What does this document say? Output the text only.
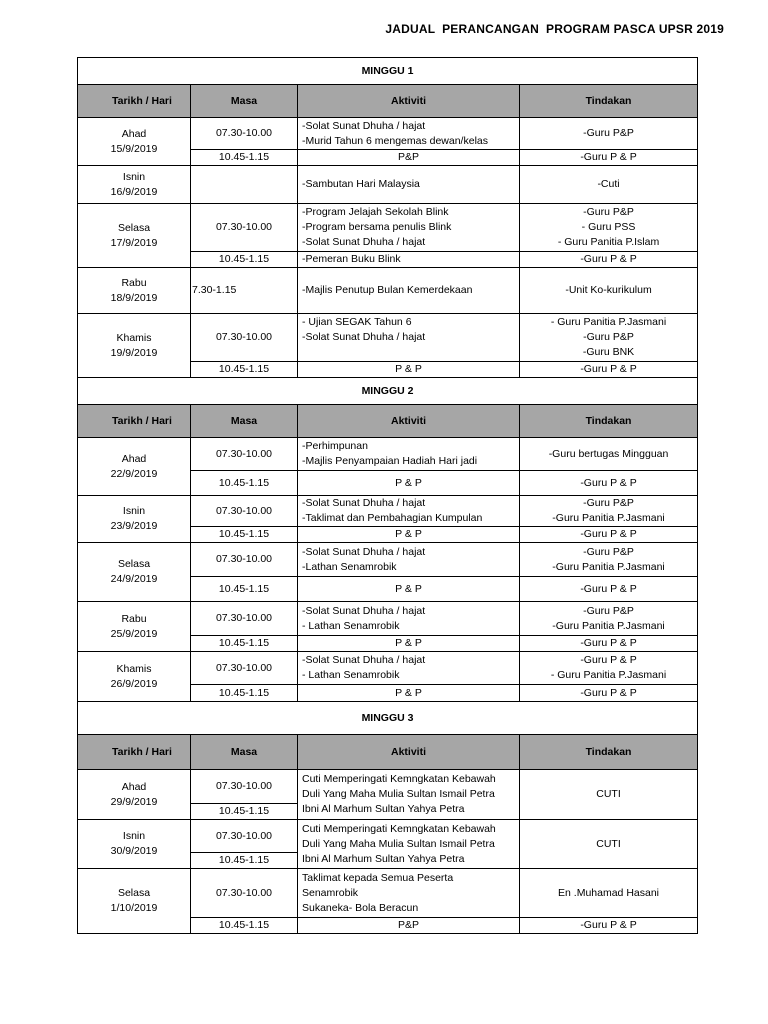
JADUAL  PERANCANGAN  PROGRAM PASCA UPSR 2019
MINGGU 1			
Tarikh / Hari	Masa	Aktiviti	Tindakan

Ahad
15/9/2019	07.30-10.00	-Solat Sunat Dhuha / hajat
-Murid Tahun 6 mengemas dewan/kelas	-Guru P&P

	10.45-1.15	P&P	-Guru P & P

Isnin
16/9/2019		-Sambutan Hari Malaysia	-Cuti

Selasa
17/9/2019	07.30-10.00	-Program Jelajah Sekolah Blink
-Program bersama penulis Blink
-Solat Sunat Dhuha / hajat	-Guru P&P
- Guru PSS
- Guru Panitia P.Islam

	10.45-1.15	-Pemeran Buku Blink	-Guru P & P

Rabu
18/9/2019	7.30-1.15	-Majlis Penutup Bulan Kemerdekaan	-Unit Ko-kurikulum

Khamis
19/9/2019	07.30-10.00	- Ujian SEGAK Tahun 6
-Solat Sunat Dhuha / hajat	- Guru Panitia P.Jasmani
-Guru P&P
-Guru BNK

	10.45-1.15	P & P	-Guru P & P

MINGGU 2			
Tarikh / Hari	Masa	Aktiviti	Tindakan

Ahad
22/9/2019	07.30-10.00	-Perhimpunan
-Majlis Penyampaian Hadiah Hari jadi	-Guru bertugas Mingguan

	10.45-1.15	P & P	-Guru P & P

Isnin
23/9/2019	07.30-10.00	-Solat Sunat Dhuha / hajat
-Taklimat dan Pembahagian Kumpulan	-Guru P&P
-Guru Panitia P.Jasmani

	10.45-1.15	P & P	-Guru P & P

Selasa
24/9/2019	07.30-10.00	-Solat Sunat Dhuha / hajat
-Lathan Senamrobik	-Guru P&P
-Guru Panitia P.Jasmani

	10.45-1.15	P & P	-Guru P & P

Rabu
25/9/2019	07.30-10.00	-Solat Sunat Dhuha / hajat
- Lathan Senamrobik	-Guru P&P
-Guru Panitia P.Jasmani

	10.45-1.15	P & P	-Guru P & P

Khamis
26/9/2019	07.30-10.00	-Solat Sunat Dhuha / hajat
- Lathan Senamrobik	-Guru P & P
- Guru Panitia P.Jasmani

	10.45-1.15	P & P	-Guru P & P

MINGGU 3			
Tarikh / Hari	Masa	Aktiviti	Tindakan

Ahad
29/9/2019	07.30-10.00	Cuti Memperingati Kemngkatan Kebawah
Duli Yang Maha Mulia Sultan Ismail Petra
Ibni Al Marhum Sultan Yahya Petra	CUTI

	10.45-1.15		

Isnin
30/9/2019	07.30-10.00	Cuti Memperingati Kemngkatan Kebawah
Duli Yang Maha Mulia Sultan Ismail Petra
Ibni Al Marhum Sultan Yahya Petra	CUTI

	10.45-1.15		

Selasa
1/10/2019	07.30-10.00	Taklimat kepada Semua Peserta
Senamrobik
Sukaneka- Bola Beracun	En .Muhamad Hasani

	10.45-1.15	P&P	-Guru P & P
